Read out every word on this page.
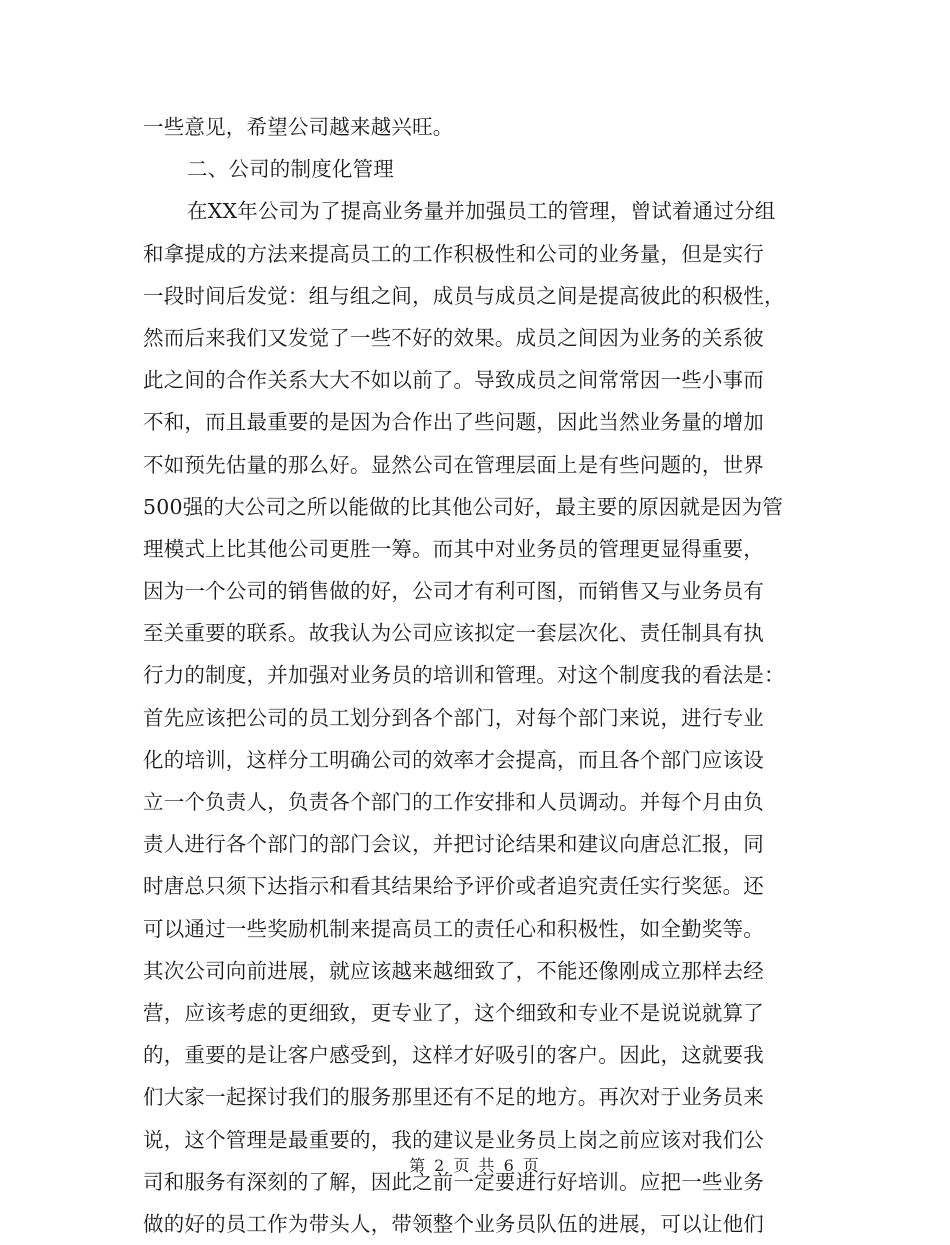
一些意见，希望公司越来越兴旺。
二、公司的制度化管理
在XX年公司为了提高业务量并加强员工的管理，曾试着通过分组
和拿提成的方法来提高员工的工作积极性和公司的业务量，但是实行
一段时间后发觉：组与组之间，成员与成员之间是提高彼此的积极性，
然而后来我们又发觉了一些不好的效果。成员之间因为业务的关系彼
此之间的合作关系大大不如以前了。导致成员之间常常因一些小事而
不和，而且最重要的是因为合作出了些问题，因此当然业务量的增加
不如预先估量的那么好。显然公司在管理层面上是有些问题的，世界
500强的大公司之所以能做的比其他公司好，最主要的原因就是因为管
理模式上比其他公司更胜一筹。而其中对业务员的管理更显得重要，
因为一个公司的销售做的好，公司才有利可图，而销售又与业务员有
至关重要的联系。故我认为公司应该拟定一套层次化、责任制具有执
行力的制度，并加强对业务员的培训和管理。对这个制度我的看法是：
首先应该把公司的员工划分到各个部门，对每个部门来说，进行专业
化的培训，这样分工明确公司的效率才会提高，而且各个部门应该设
立一个负责人，负责各个部门的工作安排和人员调动。并每个月由负
责人进行各个部门的部门会议，并把讨论结果和建议向唐总汇报，同
时唐总只须下达指示和看其结果给予评价或者追究责任实行奖惩。还
可以通过一些奖励机制来提高员工的责任心和积极性，如全勤奖等。
其次公司向前进展，就应该越来越细致了，不能还像刚成立那样去经
营，应该考虑的更细致，更专业了，这个细致和专业不是说说就算了
的，重要的是让客户感受到，这样才好吸引的客户。因此，这就要我
们大家一起探讨我们的服务那里还有不足的地方。再次对于业务员来
说，这个管理是最重要的，我的建议是业务员上岗之前应该对我们公
司和服务有深刻的了解，因此之前一定要进行好培训。应把一些业务
做的好的员工作为带头人，带领整个业务员队伍的进展，可以让他们
第 2 页 共 6 页
